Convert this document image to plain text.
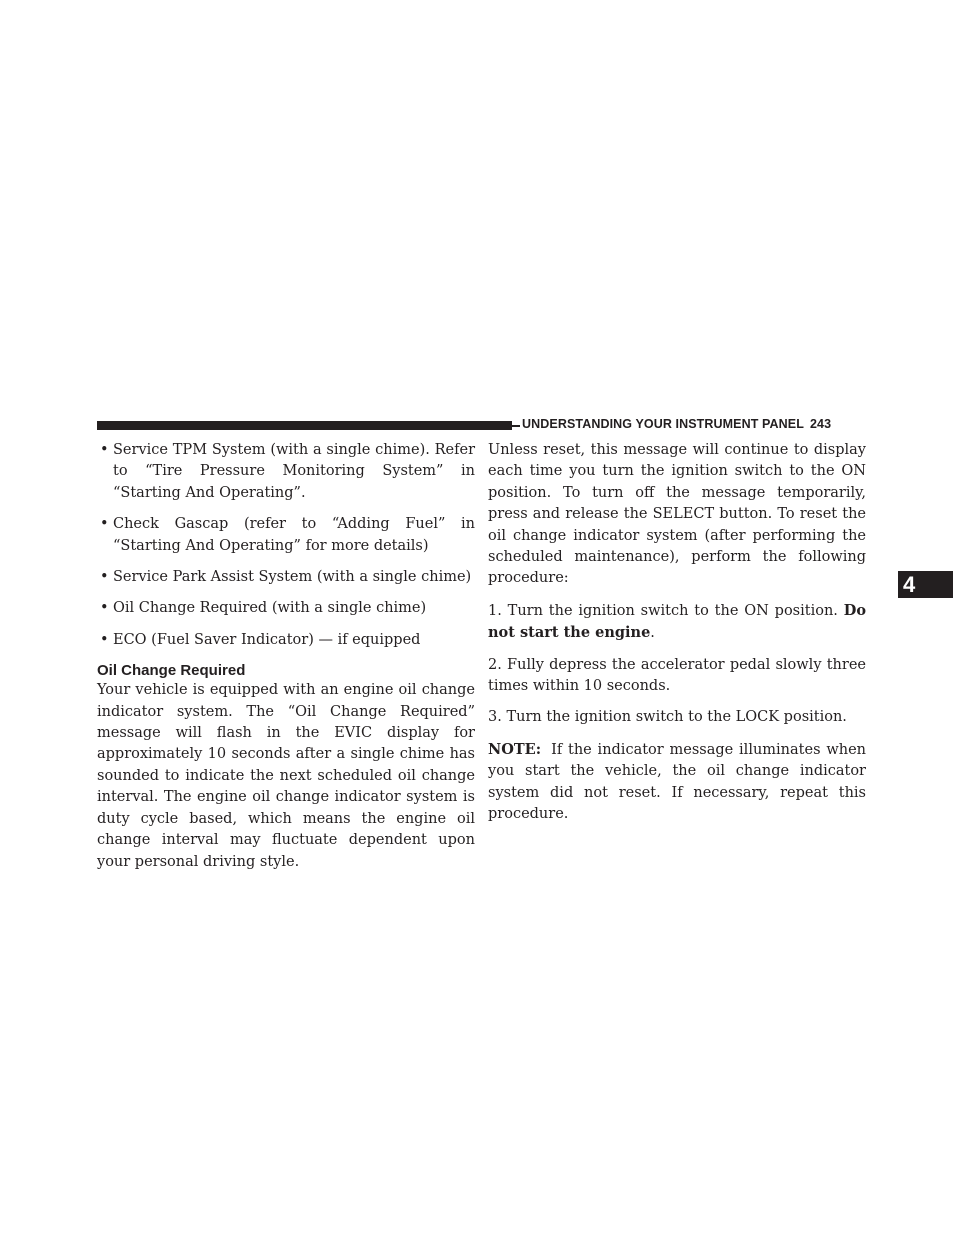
UNDERSTANDING YOUR INSTRUMENT PANEL 243
4
• Service TPM System (with a single chime). Refer to “Tire Pressure Monitoring System” in “Starting And Operating”.
• Check Gascap (refer to “Adding Fuel” in “Starting And Operating” for more details)
• Service Park Assist System (with a single chime)
• Oil Change Required (with a single chime)
• ECO (Fuel Saver Indicator) — if equipped
Oil Change Required

Your vehicle is equipped with an engine oil change indicator system. The “Oil Change Required” message will flash in the EVIC display for approximately 10 seconds after a single chime has sounded to indicate the next scheduled oil change interval. The engine oil change indicator system is duty cycle based, which means the engine oil change interval may fluctuate dependent upon your personal driving style.

Unless reset, this message will continue to display each time you turn the ignition switch to the ON position. To turn off the message temporarily, press and release the SELECT button. To reset the oil change indicator system (after performing the scheduled maintenance), perform the following procedure:

1. Turn the ignition switch to the ON position. Do not start the engine.

2. Fully depress the accelerator pedal slowly three times within 10 seconds.

3. Turn the ignition switch to the LOCK position.

NOTE: If the indicator message illuminates when you start the vehicle, the oil change indicator system did not reset. If necessary, repeat this procedure.
